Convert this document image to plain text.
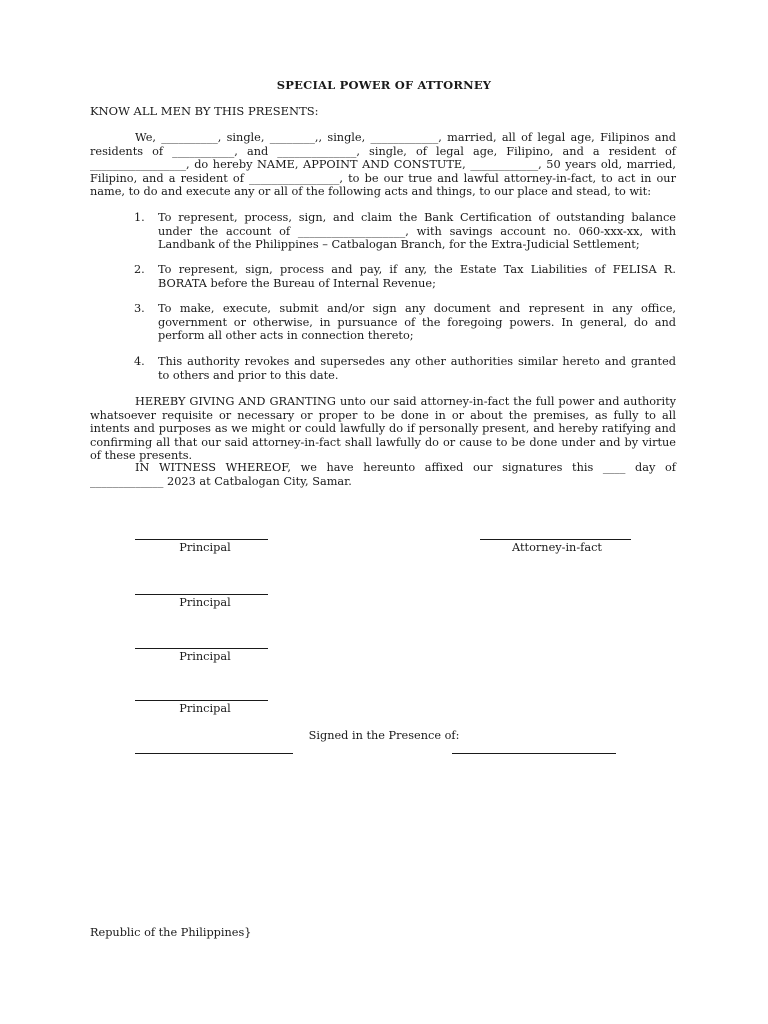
SPECIAL POWER OF ATTORNEY
KNOW ALL MEN BY THIS PRESENTS:
We, __________, single, ________,, single, ____________, married, all of legal age, Filipinos and residents of ___________, and ______________, single, of legal age, Filipino, and a resident of _________________, do hereby NAME, APPOINT AND CONSTUTE, ____________, 50 years old, married, Filipino, and a resident of ________________, to be our true and lawful attorney-in-fact, to act in our name, to do and execute any or all of the following acts and things, to our place and stead, to wit:
1.	To represent, process, sign, and claim the Bank Certification of outstanding balance under the account of ___________________, with savings account no. 060-xxx-xx, with Landbank of the Philippines – Catbalogan Branch, for the Extra-Judicial Settlement;
2.	To represent, sign, process and pay, if any, the Estate Tax Liabilities of FELISA R. BORATA before the Bureau of Internal Revenue;
3.	To make, execute, submit and/or sign any document and represent in any office, government or otherwise, in pursuance of the foregoing powers. In general, do and perform all other acts in connection thereto;
4.	This authority revokes and supersedes any other authorities similar hereto and granted to others and prior to this date.
HEREBY GIVING AND GRANTING unto our said attorney-in-fact the full power and authority whatsoever requisite or necessary or proper to be done in or about the premises, as fully to all intents and purposes as we might or could lawfully do if personally present, and hereby ratifying and confirming all that our said attorney-in-fact shall lawfully do or cause to be done under and by virtue of these presents.
IN WITNESS WHEREOF, we have hereunto affixed our signatures this ____ day of _____________ 2023 at Catbalogan City, Samar.
Principal	Attorney-in-fact
Principal
Principal
Principal
Signed in the Presence of:
Republic of the Philippines}
